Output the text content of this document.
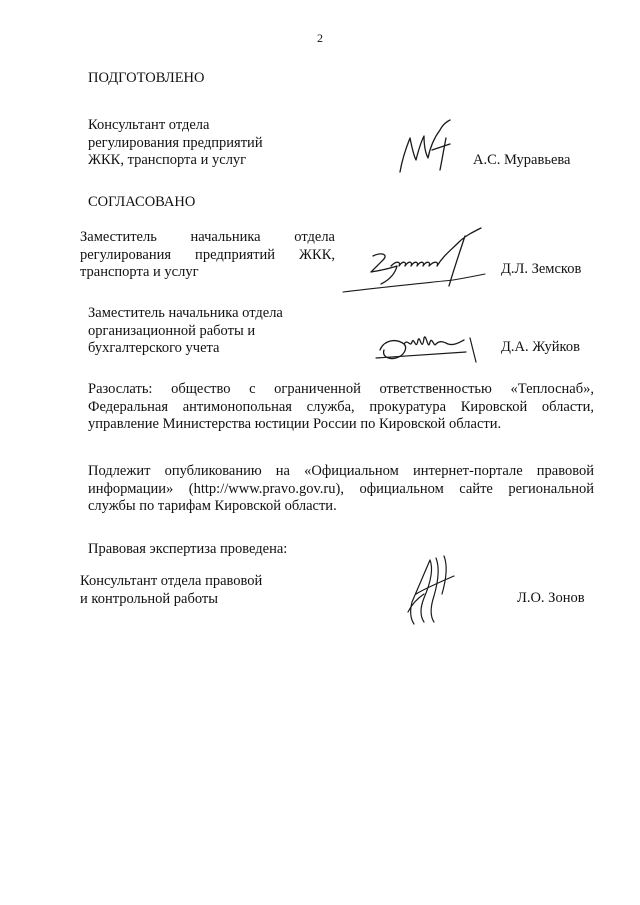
2
ПОДГОТОВЛЕНО
Консультант отдела
регулирования предприятий
ЖКК, транспорта и услуг	А.С. Муравьева
СОГЛАСОВАНО
Заместитель начальника отдела
регулирования предприятий ЖКК,
транспорта и услуг	Д.Л. Земсков
Заместитель начальника отдела
организационной работы и
бухгалтерского учета	Д.А. Жуйков
Разослать: общество с ограниченной ответственностью «Теплоснаб»,
Федеральная антимонопольная служба, прокуратура Кировской области,
управление Министерства юстиции России по Кировской области.
Подлежит опубликованию на «Официальном интернет-портале правовой
информации» (http://www.pravo.gov.ru), официальном сайте региональной
службы по тарифам Кировской области.
Правовая экспертиза проведена:
Консультант отдела правовой
и контрольной работы	Л.О. Зонов
